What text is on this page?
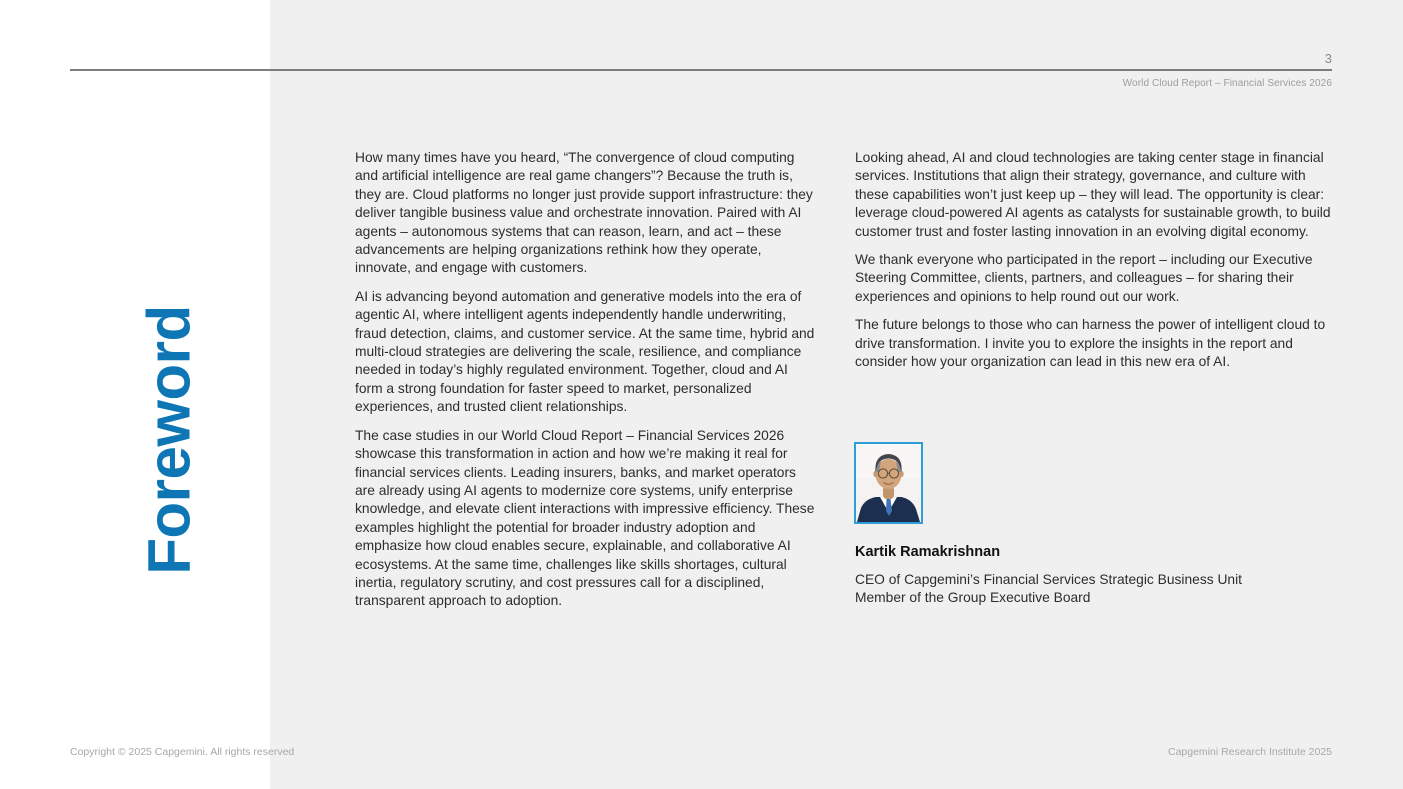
3
World Cloud Report – Financial Services 2026
Foreword

How many times have you heard, “The convergence of cloud computing and artificial intelligence are real game changers”? Because the truth is, they are. Cloud platforms no longer just provide support infrastructure: they deliver tangible business value and orchestrate innovation. Paired with AI agents – autonomous systems that can reason, learn, and act – these advancements are helping organizations rethink how they operate, innovate, and engage with customers.

AI is advancing beyond automation and generative models into the era of agentic AI, where intelligent agents independently handle underwriting, fraud detection, claims, and customer service. At the same time, hybrid and multi-cloud strategies are delivering the scale, resilience, and compliance needed in today’s highly regulated environment. Together, cloud and AI form a strong foundation for faster speed to market, personalized experiences, and trusted client relationships.

The case studies in our World Cloud Report – Financial Services 2026 showcase this transformation in action and how we’re making it real for financial services clients. Leading insurers, banks, and market operators are already using AI agents to modernize core systems, unify enterprise knowledge, and elevate client interactions with impressive efficiency. These examples highlight the potential for broader industry adoption and emphasize how cloud enables secure, explainable, and collaborative AI ecosystems. At the same time, challenges like skills shortages, cultural inertia, regulatory scrutiny, and cost pressures call for a disciplined, transparent approach to adoption.

Looking ahead, AI and cloud technologies are taking center stage in financial services. Institutions that align their strategy, governance, and culture with these capabilities won’t just keep up – they will lead. The opportunity is clear: leverage cloud-powered AI agents as catalysts for sustainable growth, to build customer trust and foster lasting innovation in an evolving digital economy.

We thank everyone who participated in the report – including our Executive Steering Committee, clients, partners, and colleagues – for sharing their experiences and opinions to help round out our work.

The future belongs to those who can harness the power of intelligent cloud to drive transformation. I invite you to explore the insights in the report and consider how your organization can lead in this new era of AI.

Kartik Ramakrishnan
CEO of Capgemini’s Financial Services Strategic Business Unit
Member of the Group Executive Board
Copyright © 2025 Capgemini. All rights reserved	Capgemini Research Institute 2025
